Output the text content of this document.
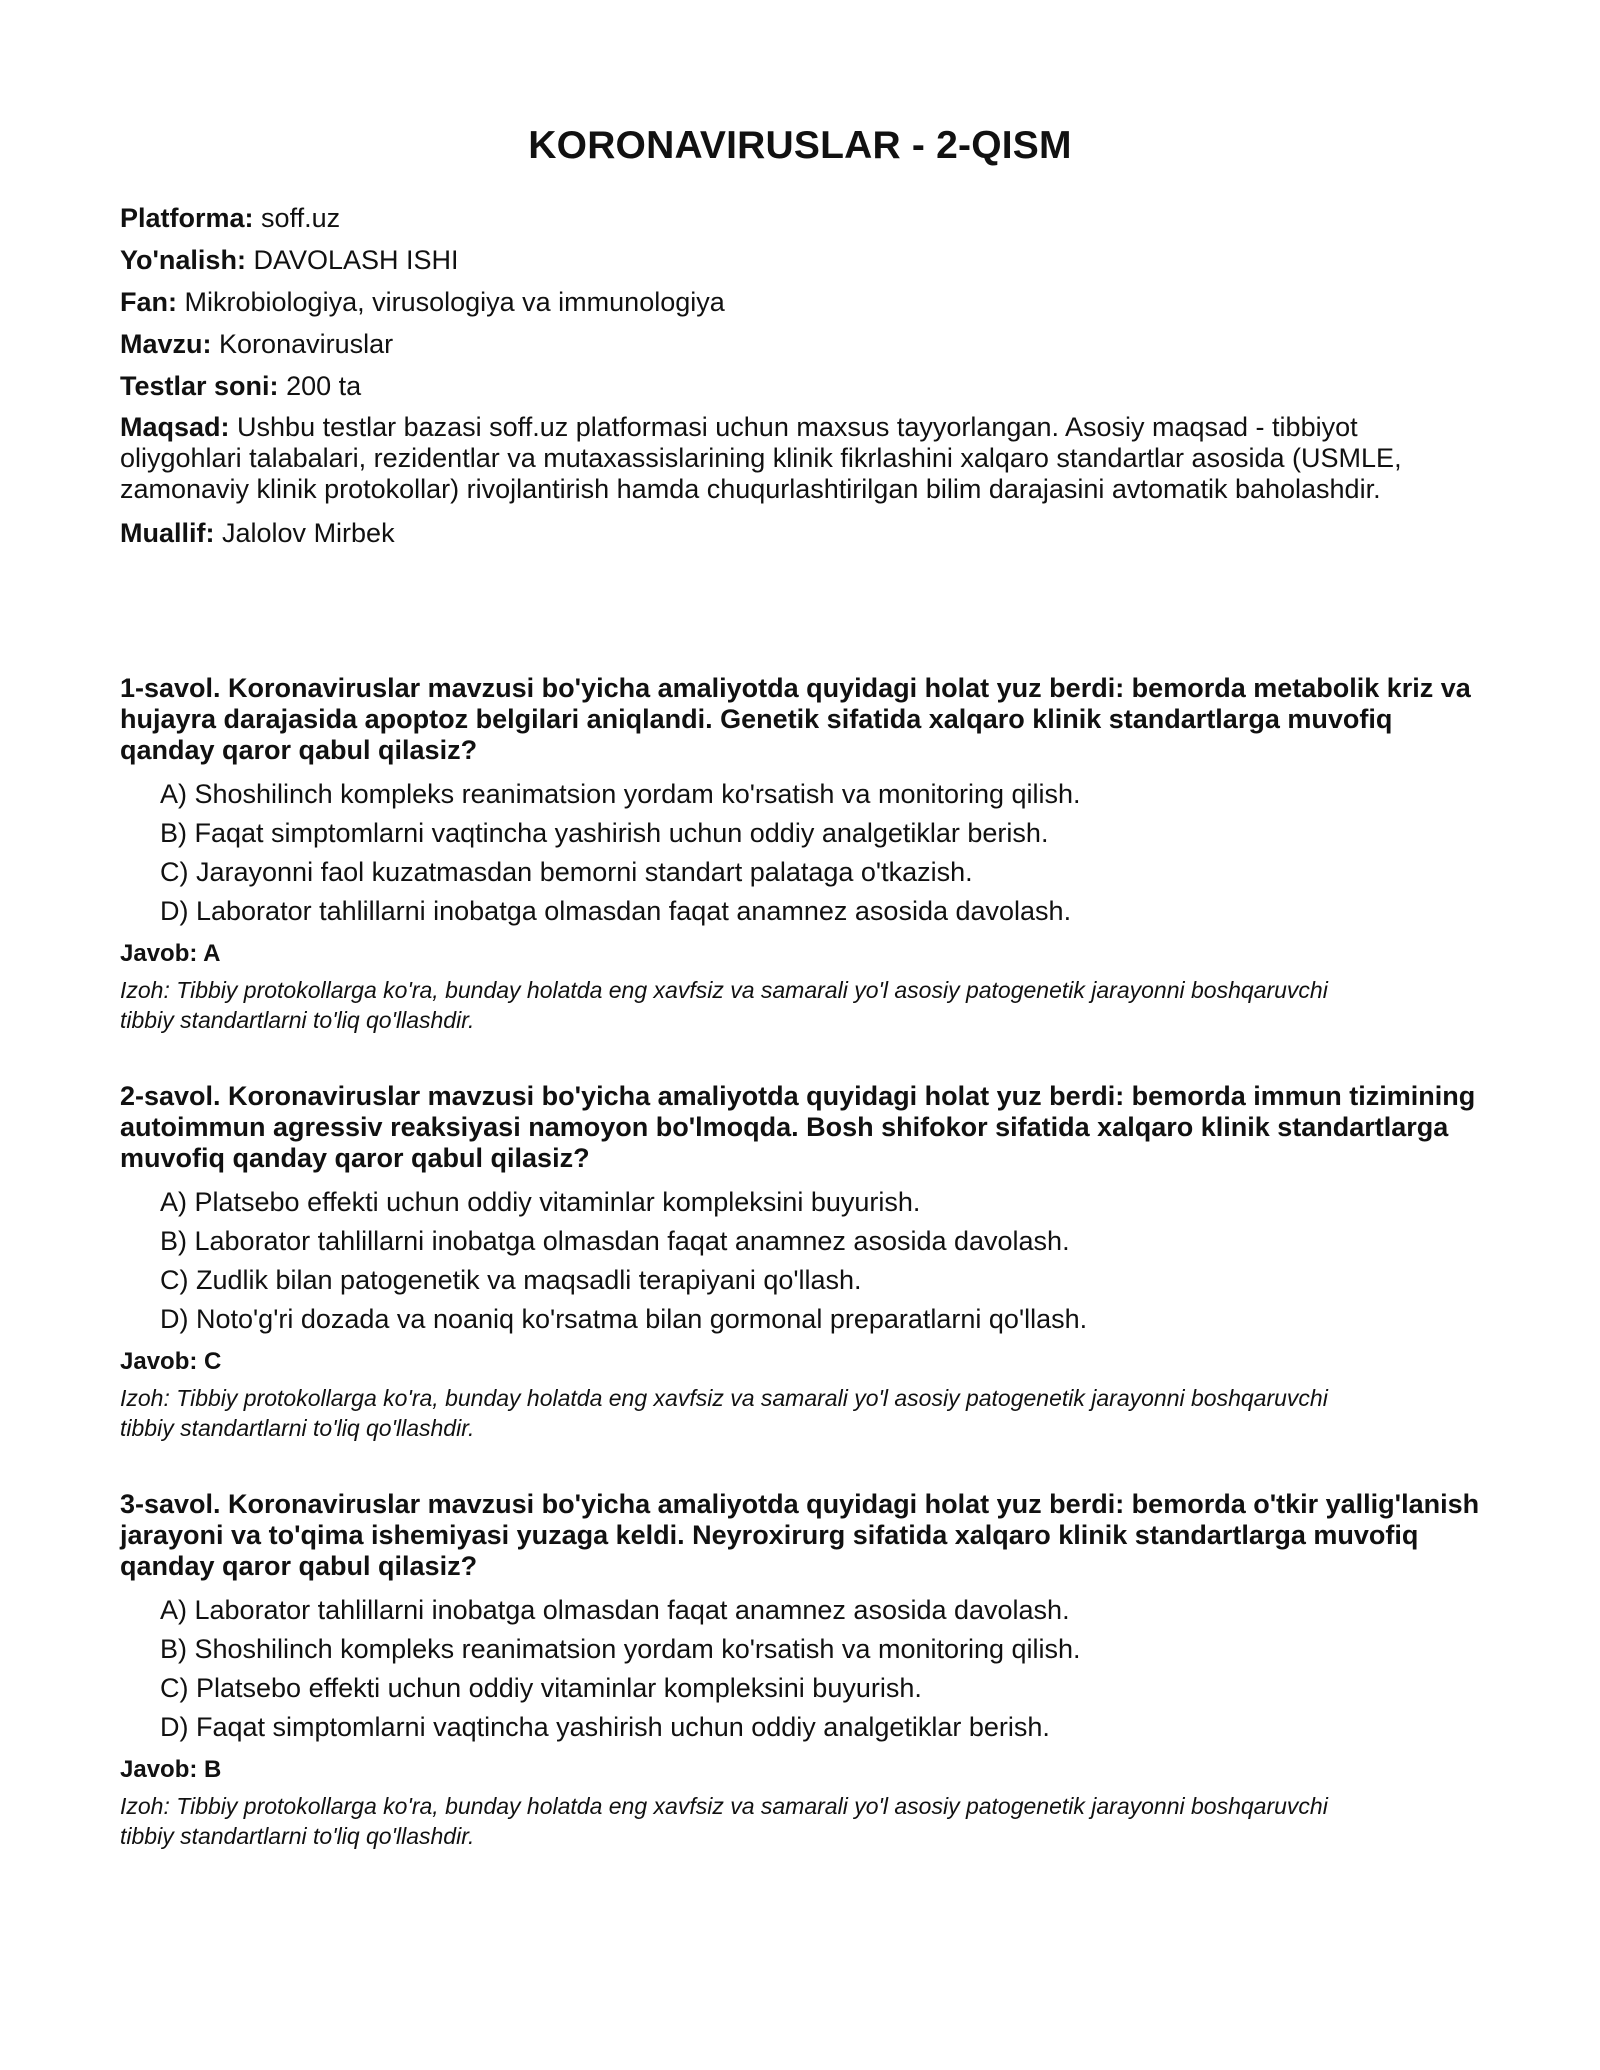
KORONAVIRUSLAR - 2-QISM
Platforma: soff.uz
Yo'nalish: DAVOLASH ISHI
Fan: Mikrobiologiya, virusologiya va immunologiya
Mavzu: Koronaviruslar
Testlar soni: 200 ta
Maqsad: Ushbu testlar bazasi soff.uz platformasi uchun maxsus tayyorlangan. Asosiy maqsad - tibbiyot oliygohlari talabalari, rezidentlar va mutaxassislarining klinik fikrlashini xalqaro standartlar asosida (USMLE, zamonaviy klinik protokollar) rivojlantirish hamda chuqurlashtirilgan bilim darajasini avtomatik baholashdir.
Muallif: Jalolov Mirbek
1-savol. Koronaviruslar mavzusi bo'yicha amaliyotda quyidagi holat yuz berdi: bemorda metabolik kriz va hujayra darajasida apoptoz belgilari aniqlandi. Genetik sifatida xalqaro klinik standartlarga muvofiq qanday qaror qabul qilasiz?
A) Shoshilinch kompleks reanimatsion yordam ko'rsatish va monitoring qilish.
B) Faqat simptomlarni vaqtincha yashirish uchun oddiy analgetiklar berish.
C) Jarayonni faol kuzatmasdan bemorni standart palataga o'tkazish.
D) Laborator tahlillarni inobatga olmasdan faqat anamnez asosida davolash.
Javob: A
Izoh: Tibbiy protokollarga ko'ra, bunday holatda eng xavfsiz va samarali yo'l asosiy patogenetik jarayonni boshqaruvchi tibbiy standartlarni to'liq qo'llashdir.
2-savol. Koronaviruslar mavzusi bo'yicha amaliyotda quyidagi holat yuz berdi: bemorda immun tizimining autoimmun agressiv reaksiyasi namoyon bo'lmoqda. Bosh shifokor sifatida xalqaro klinik standartlarga muvofiq qanday qaror qabul qilasiz?
A) Platsebo effekti uchun oddiy vitaminlar kompleksini buyurish.
B) Laborator tahlillarni inobatga olmasdan faqat anamnez asosida davolash.
C) Zudlik bilan patogenetik va maqsadli terapiyani qo'llash.
D) Noto'g'ri dozada va noaniq ko'rsatma bilan gormonal preparatlarni qo'llash.
Javob: C
Izoh: Tibbiy protokollarga ko'ra, bunday holatda eng xavfsiz va samarali yo'l asosiy patogenetik jarayonni boshqaruvchi tibbiy standartlarni to'liq qo'llashdir.
3-savol. Koronaviruslar mavzusi bo'yicha amaliyotda quyidagi holat yuz berdi: bemorda o'tkir yallig'lanish jarayoni va to'qima ishemiyasi yuzaga keldi. Neyroxirurg sifatida xalqaro klinik standartlarga muvofiq qanday qaror qabul qilasiz?
A) Laborator tahlillarni inobatga olmasdan faqat anamnez asosida davolash.
B) Shoshilinch kompleks reanimatsion yordam ko'rsatish va monitoring qilish.
C) Platsebo effekti uchun oddiy vitaminlar kompleksini buyurish.
D) Faqat simptomlarni vaqtincha yashirish uchun oddiy analgetiklar berish.
Javob: B
Izoh: Tibbiy protokollarga ko'ra, bunday holatda eng xavfsiz va samarali yo'l asosiy patogenetik jarayonni boshqaruvchi tibbiy standartlarni to'liq qo'llashdir.
